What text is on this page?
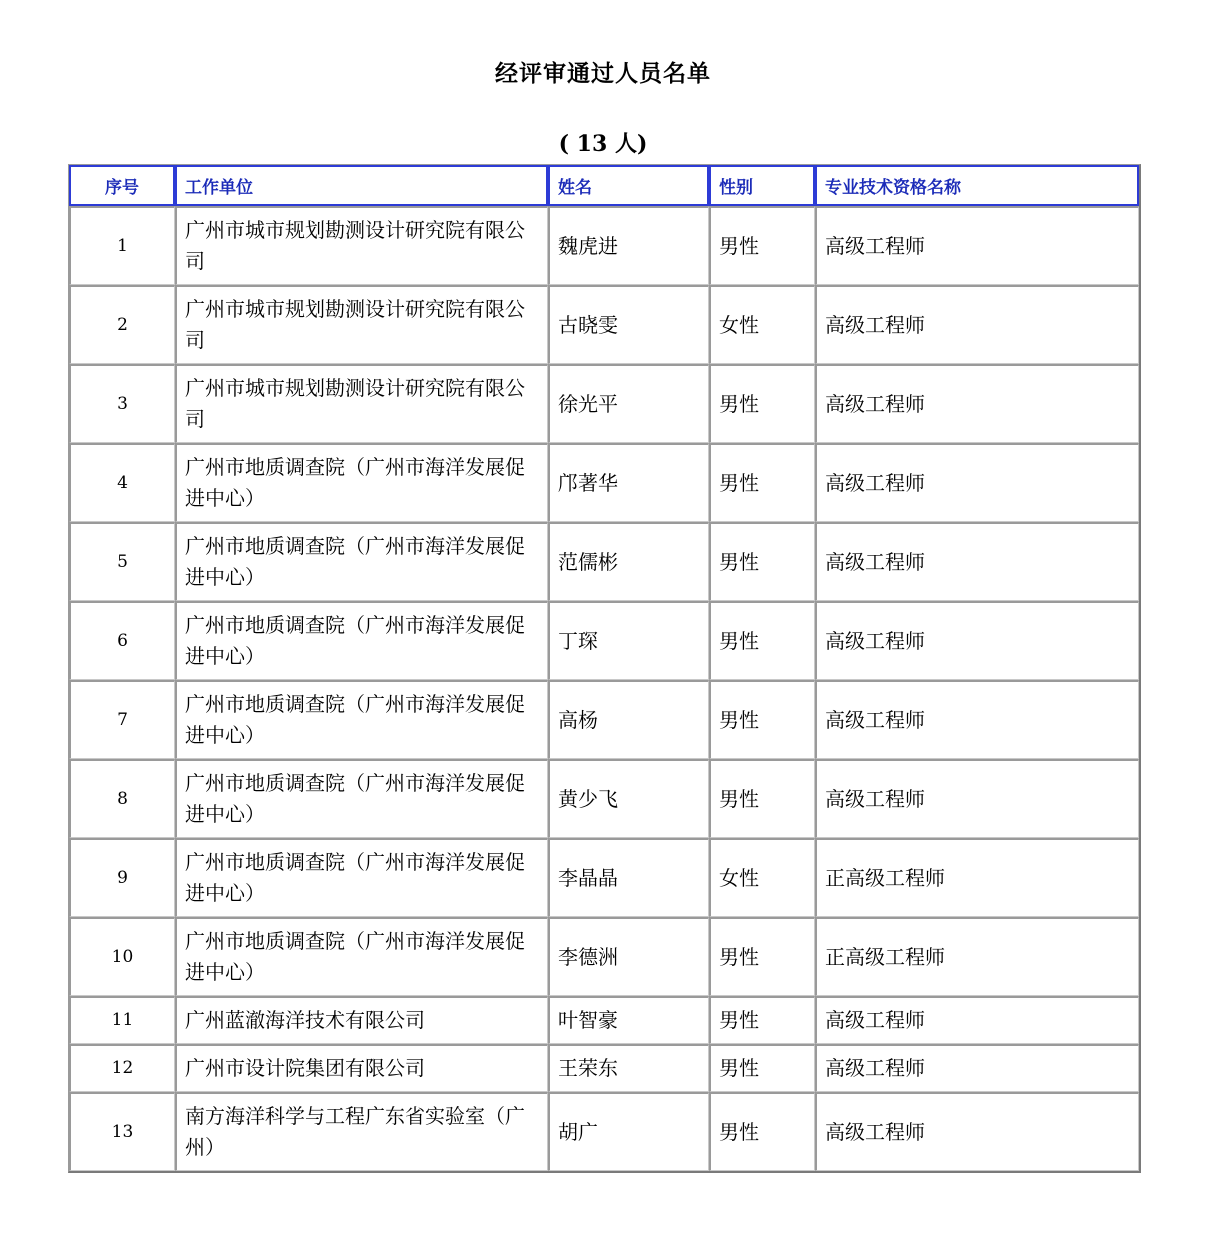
经评审通过人员名单
( 13 人)
序号	工作单位	姓名	性别	专业技术资格名称
1	广州市城市规划勘测设计研究院有限公司	魏虎进	男性	高级工程师
2	广州市城市规划勘测设计研究院有限公司	古晓雯	女性	高级工程师
3	广州市城市规划勘测设计研究院有限公司	徐光平	男性	高级工程师
4	广州市地质调查院（广州市海洋发展促进中心）	邝著华	男性	高级工程师
5	广州市地质调查院（广州市海洋发展促进中心）	范儒彬	男性	高级工程师
6	广州市地质调查院（广州市海洋发展促进中心）	丁琛	男性	高级工程师
7	广州市地质调查院（广州市海洋发展促进中心）	高杨	男性	高级工程师
8	广州市地质调查院（广州市海洋发展促进中心）	黄少飞	男性	高级工程师
9	广州市地质调查院（广州市海洋发展促进中心）	李晶晶	女性	正高级工程师
10	广州市地质调查院（广州市海洋发展促进中心）	李德洲	男性	正高级工程师
11	广州蓝澈海洋技术有限公司	叶智豪	男性	高级工程师
12	广州市设计院集团有限公司	王荣东	男性	高级工程师
13	南方海洋科学与工程广东省实验室（广州）	胡广	男性	高级工程师
